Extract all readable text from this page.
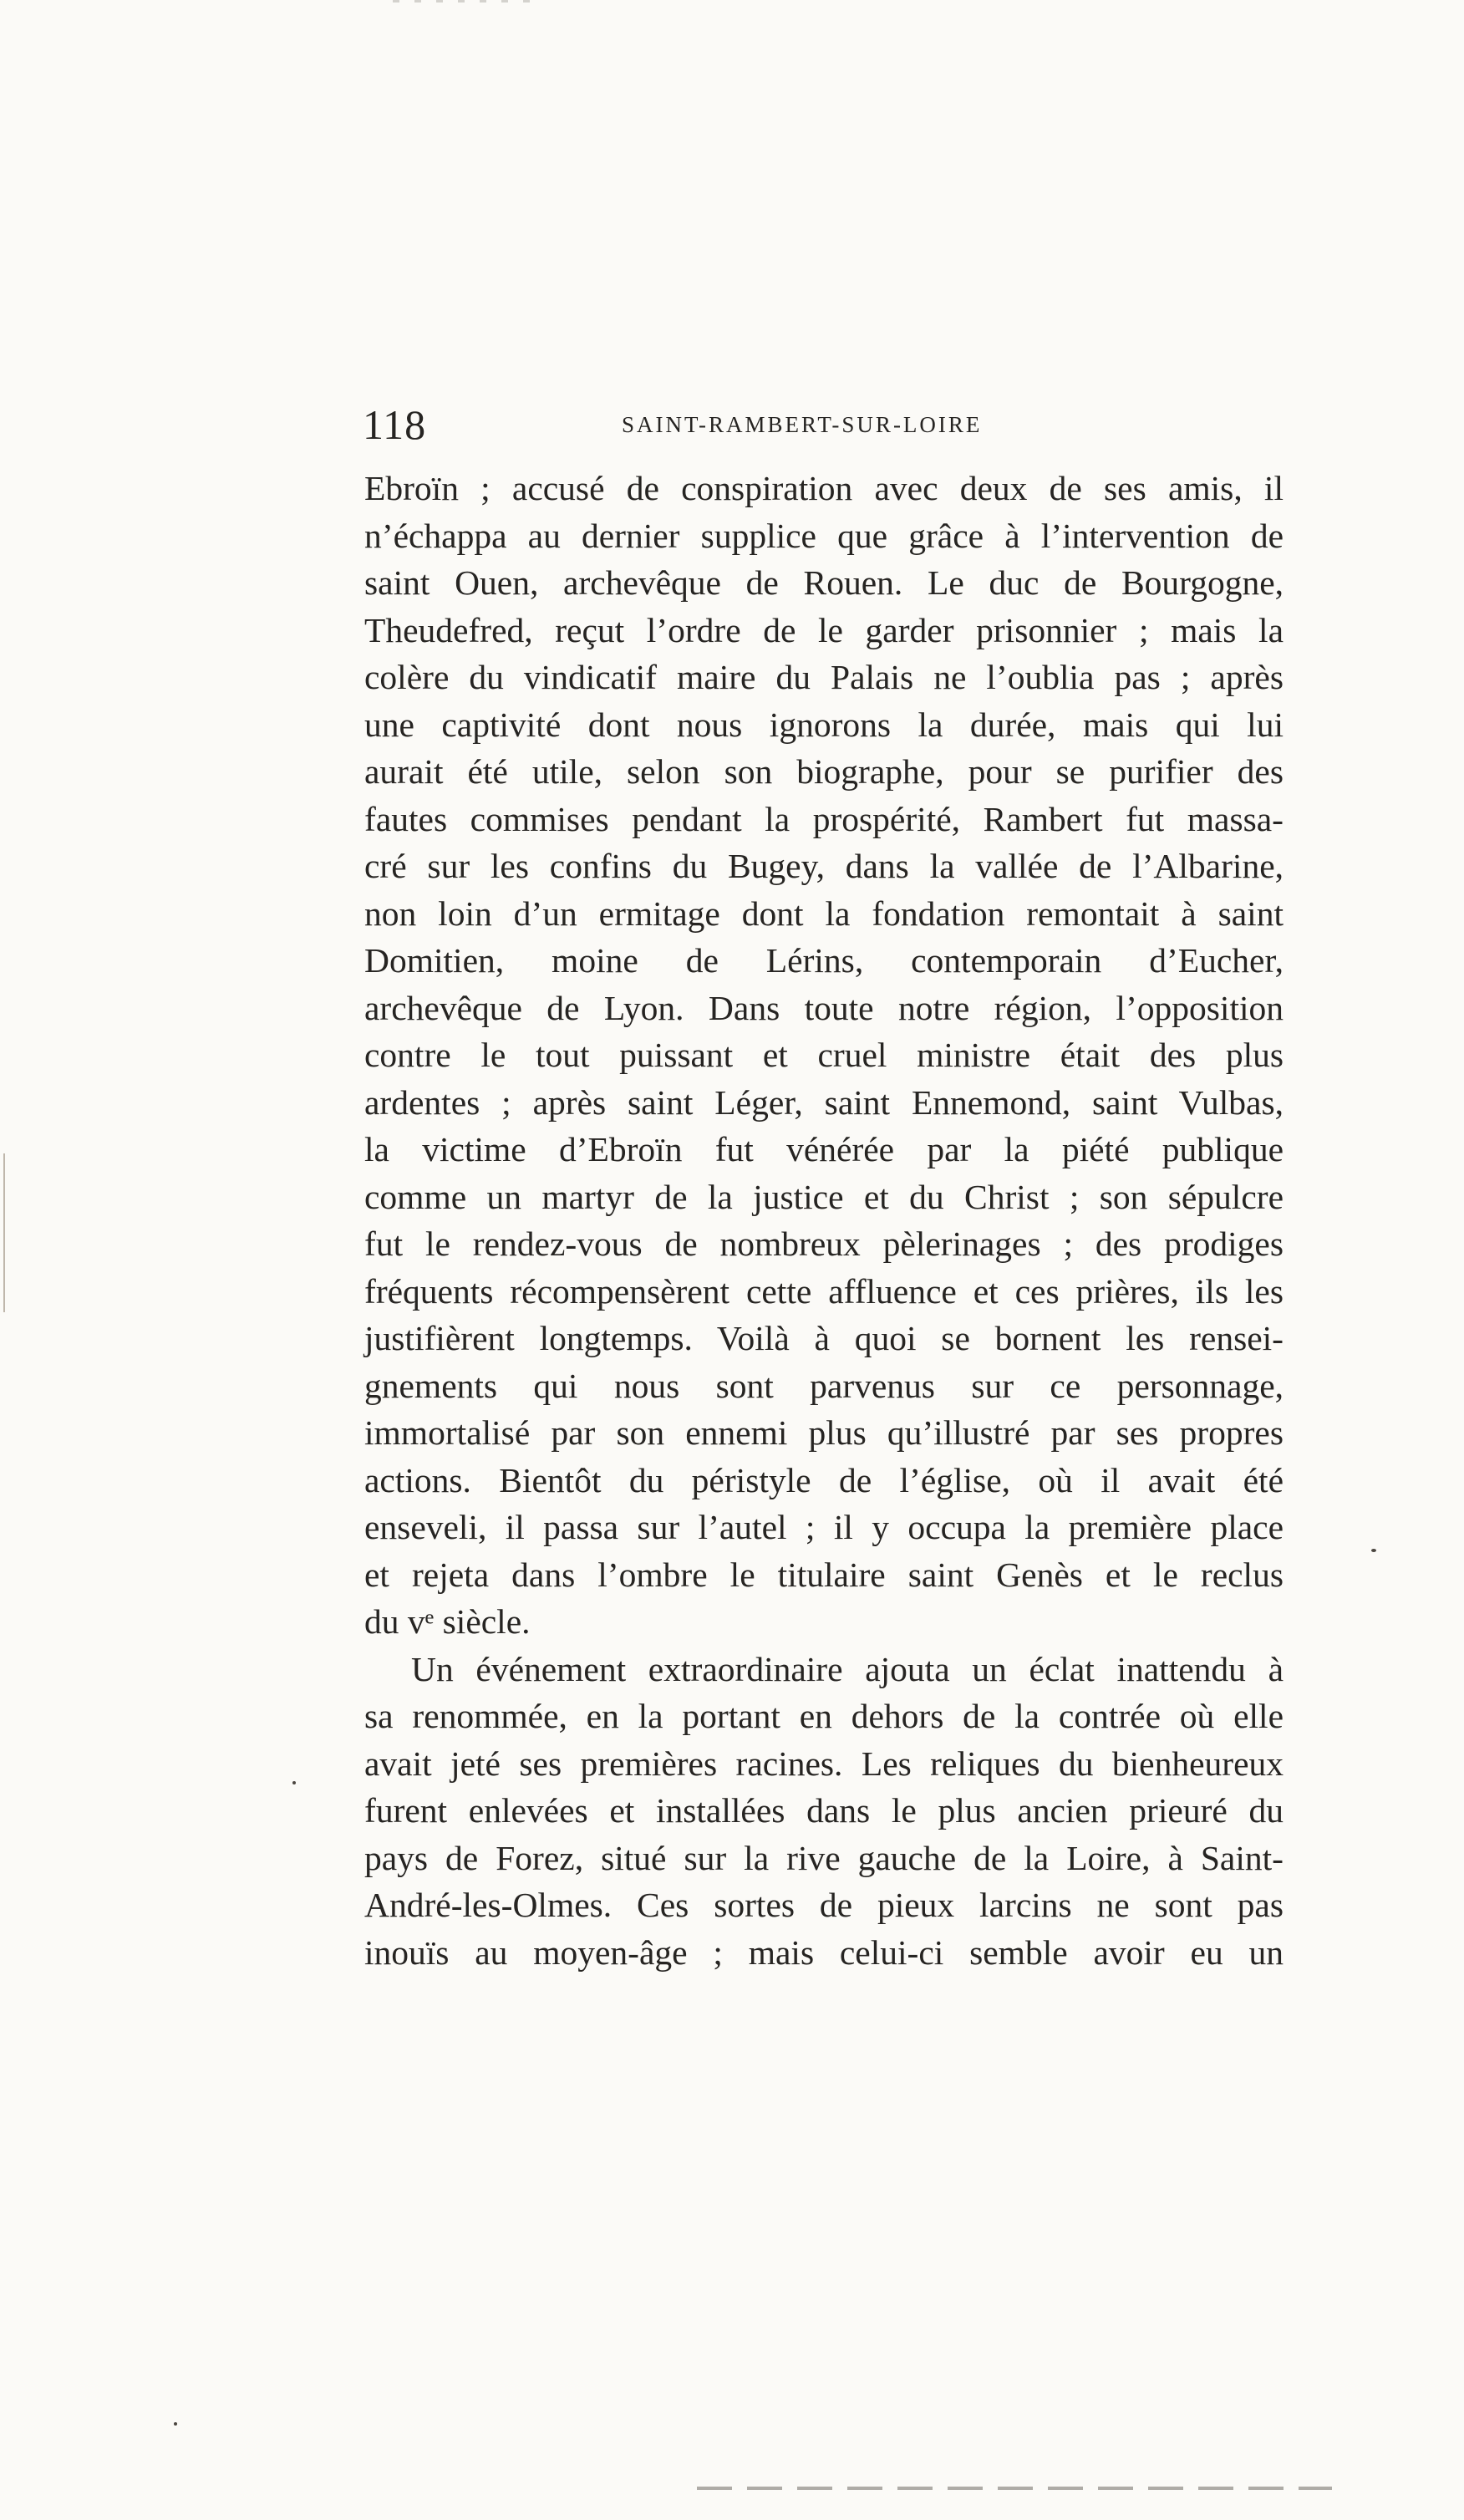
118	SAINT-RAMBERT-SUR-LOIRE
Ebroïn ; accusé de conspiration avec deux de ses amis, il
n’échappa au dernier supplice que grâce à l’intervention de
saint Ouen, archevêque de Rouen. Le duc de Bourgogne,
Theudefred, reçut l’ordre de le garder prisonnier ; mais la
colère du vindicatif maire du Palais ne l’oublia pas ; après
une captivité dont nous ignorons la durée, mais qui lui
aurait été utile, selon son biographe, pour se purifier des
fautes commises pendant la prospérité, Rambert fut massa-
cré sur les confins du Bugey, dans la vallée de l’Albarine,
non loin d’un ermitage dont la fondation remontait à saint
Domitien, moine de Lérins, contemporain d’Eucher,
archevêque de Lyon. Dans toute notre région, l’opposition
contre le tout puissant et cruel ministre était des plus
ardentes ; après saint Léger, saint Ennemond, saint Vulbas,
la victime d’Ebroïn fut vénérée par la piété publique
comme un martyr de la justice et du Christ ; son sépulcre
fut le rendez-vous de nombreux pèlerinages ; des prodiges
fréquents récompensèrent cette affluence et ces prières, ils les
justifièrent longtemps. Voilà à quoi se bornent les rensei-
gnements qui nous sont parvenus sur ce personnage,
immortalisé par son ennemi plus qu’illustré par ses propres
actions. Bientôt du péristyle de l’église, où il avait été
enseveli, il passa sur l’autel ; il y occupa la première place
et rejeta dans l’ombre le titulaire saint Genès et le reclus
du vᵉ siècle.
Un événement extraordinaire ajouta un éclat inattendu à
sa renommée, en la portant en dehors de la contrée où elle
avait jeté ses premières racines. Les reliques du bienheureux
furent enlevées et installées dans le plus ancien prieuré du
pays de Forez, situé sur la rive gauche de la Loire, à Saint-
André-les-Olmes. Ces sortes de pieux larcins ne sont pas
inouïs au moyen-âge ; mais celui-ci semble avoir eu un
